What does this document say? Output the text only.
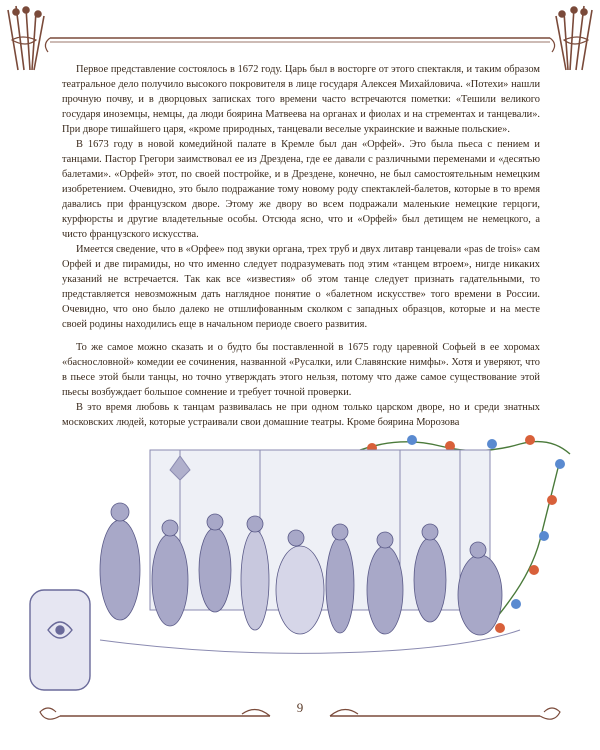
Первое представление состоялось в 1672 году. Царь был в восторге от этого спектакля, и таким образом театральное дело получило высокого покровителя в лице государя Алексея Михайловича. «Потехи» нашли прочную почву, и в дворцовых записках того времени часто встречаются пометки: «Тешили великого государя иноземцы, немцы, да люди боярина Матвеева на органах и фиолах и на стрементах и танцевали». При дворе тишайшего царя, «кроме природных, танцевали веселые украинские и важные польские».

В 1673 году в новой комедийной палате в Кремле был дан «Орфей». Это была пьеса с пением и танцами. Пастор Грегори заимствовал ее из Дрездена, где ее давали с различными переменами и «десятью балетами». «Орфей» этот, по своей постройке, и в Дрездене, конечно, не был самостоятельным немецким изобретением. Очевидно, это было подражание тому новому роду спектаклей-балетов, которые в то время давались при французском дворе. Этому же двору во всем подражали маленькие немецкие герцоги, курфюрсты и другие владетельные особы. Отсюда ясно, что и «Орфей» был детищем не немецкого, а чисто французского искусства.

Имеется сведение, что в «Орфее» под звуки органа, трех труб и двух литавр танцевали «pas de trois» сам Орфей и две пирамиды, но что именно следует подразумевать под этим «танцем втроем», нигде никаких указаний не встречается. Так как все «известия» об этом танце следует признать гадательными, то представляется невозможным дать наглядное понятие о «балетном искусстве» того времени в России. Очевидно, что оно было далеко не отшлифованным сколком с западных образцов, которые и на месте своей родины находились еще в начальном периоде своего развития.

То же самое можно сказать и о будто бы поставленной в 1675 году царевной Софьей в ее хоромах «баснословной» комедии ее сочинения, названной «Русалки, или Славянские нимфы». Хотя и уверяют, что в пьесе этой были танцы, но точно утверждать этого нельзя, потому что даже самое существование этой пьесы возбуждает большое сомнение и требует точной проверки.

В это время любовь к танцам развивалась не при одном только царском дворе, но и среди знатных московских людей, которые устраивали свои домашние театры. Кроме боярина Морозова

9
